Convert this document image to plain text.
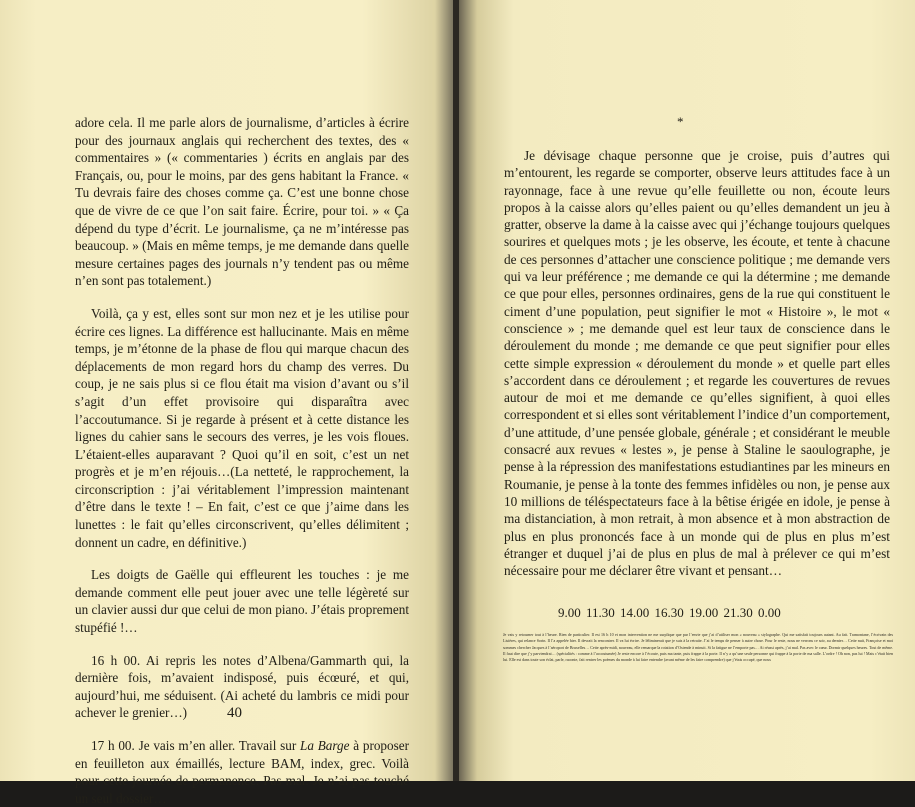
adore cela. Il me parle alors de journalisme, d’articles à écrire pour des journaux anglais qui recherchent des textes, des « commentaires » (« commentaries ) écrits en anglais par des Français, ou, pour le moins, par des gens habitant la France. « Tu devrais faire des choses comme ça. C’est une bonne chose que de vivre de ce que l’on sait faire. Écrire, pour toi. » « Ça dépend du type d’écrit. Le journalisme, ça ne m’intéresse pas beaucoup. » (Mais en même temps, je me demande dans quelle mesure certaines pages des journals n’y tendent pas ou même n’en sont pas totalement.)

Voilà, ça y est, elles sont sur mon nez et je les utilise pour écrire ces lignes. La différence est hallucinante. Mais en même temps, je m’étonne de la phase de flou qui marque chacun des déplacements de mon regard hors du champ des verres. Du coup, je ne sais plus si ce flou était ma vision d’avant ou s’il s’agit d’un effet provisoire qui disparaîtra avec l’accoutumance. Si je regarde à présent et à cette distance les lignes du cahier sans le secours des verres, je les vois floues. L’étaient-elles auparavant ? Quoi qu’il en soit, c’est un net progrès et je m’en réjouis…(La netteté, le rapprochement, la circonscription : j’ai véritablement l’impression maintenant d’être dans le texte ! – En fait, c’est ce que j’aime dans les lunettes : le fait qu’elles circonscrivent, qu’elles délimitent ; donnent un cadre, en définitive.)

Les doigts de Gaëlle qui effleurent les touches : je me demande comment elle peut jouer avec une telle légèreté sur un clavier aussi dur que celui de mon piano. J’étais proprement stupéfié !…

16 h 00. Ai repris les notes d’Albena/Gammarth qui, la dernière fois, m’avaient indisposé, puis écœuré, et qui, aujourd’hui, me séduisent. (Ai acheté du lambris ce midi pour achever le grenier…)

17 h 00. Je vais m’en aller. Travail sur La Barge à proposer en feuilleton aux émaillés, lecture BAM, index, grec. Voilà pour cette journée de permanence. Pas mal. Je n’ai pas touché un seul dossier…

40
*

Je dévisage chaque personne que je croise, puis d’autres qui m’entourent, les regarde se comporter, observe leurs attitudes face à un rayonnage, face à une revue qu’elle feuillette ou non, écoute leurs propos à la caisse alors qu’elles paient ou qu’elles demandent un jeu à gratter, observe la dame à la caisse avec qui j’échange toujours quelques sourires et quelques mots ; je les observe, les écoute, et tente à chacune de ces personnes d’attacher une conscience politique ; me demande vers qui va leur préférence ; me demande ce qui la détermine ; me demande ce que pour elles, personnes ordinaires, gens de la rue qui constituent le ciment d’une population, peut signifier le mot « Histoire », le mot « conscience » ; me demande quel est leur taux de conscience dans le déroulement du monde ; me demande ce que peut signifier pour elles cette simple expression « déroulement du monde » et quelle part elles s’accordent dans ce déroulement ; et regarde les couvertures de revues autour de moi et me demande ce qu’elles signifient, à quoi elles correspondent et si elles sont véritablement l’indice d’un comportement, d’une attitude, d’une pensée globale, générale ; et considérant le meuble consacré aux revues « lestes », je pense à Staline le saoulographe, je pense à la répression des manifestations estudiantines par les mineurs en Roumanie, je pense à la tonte des femmes infidèles ou non, je pense aux 10 millions de téléspectateurs face à la bêtise érigée en idole, je pense à ma distanciation, à mon retrait, à mon absence et à mon abstraction de plus en plus prononcés face à un monde qui de plus en plus m’est étranger et duquel j’ai de plus en plus de mal à prélever ce qui m’est nécessaire pour me déclarer être vivant et pensant…

9.00 11.30 14.00 16.30 19.00 21.30 0.00
Je vais y retourner tout à l’heure. Rien de particulier. Il est 16 h 10 et mon intervention ne me surplique que par l’envie que j’ai d’utiliser mon « nouveau » stylographe. Qui me satisfait toujours autant. Au fait. Tramontane, l’écrivain des Lisières, qui relance Sorin. Il l’a appelée hier. Il devrait la rencontrer. Il va lui écrire. Je léliminerait que je suis à la retraite. J’ai le temps de penser à autre chose. Pour le reste, nous ne verrons ce soir, au dernier… Cette nuit, Françoise et moi sommes chercher Jacques à l’aéroport de Bruxelles… Cette après-midi, nouveau, elle remarque la rotation d’Ostende à minuit. Si la fatigue ne l’emporte pas… Ai réussi après, j’ai mal. Pas avec le cœur. Dormir quelques heures. Tout de même. Il faut dire que j’y parviendrai… (spécialités : comme à l’accoutumée) Je reste encore à l’écoute, puis ma tante, puis frappe à la porte. Il n’y a qu’une seule personne qui frappe à la porte de ma salle. L’ordre ! Oh non, pas lui ! Mais c’était bien lui. Elle est dans toute son éclat, parle, raconte, fait rentrer les poèmes du monde à lui faire entendre (avant même de les faire comprendre) que j’étais occupé, que nous
